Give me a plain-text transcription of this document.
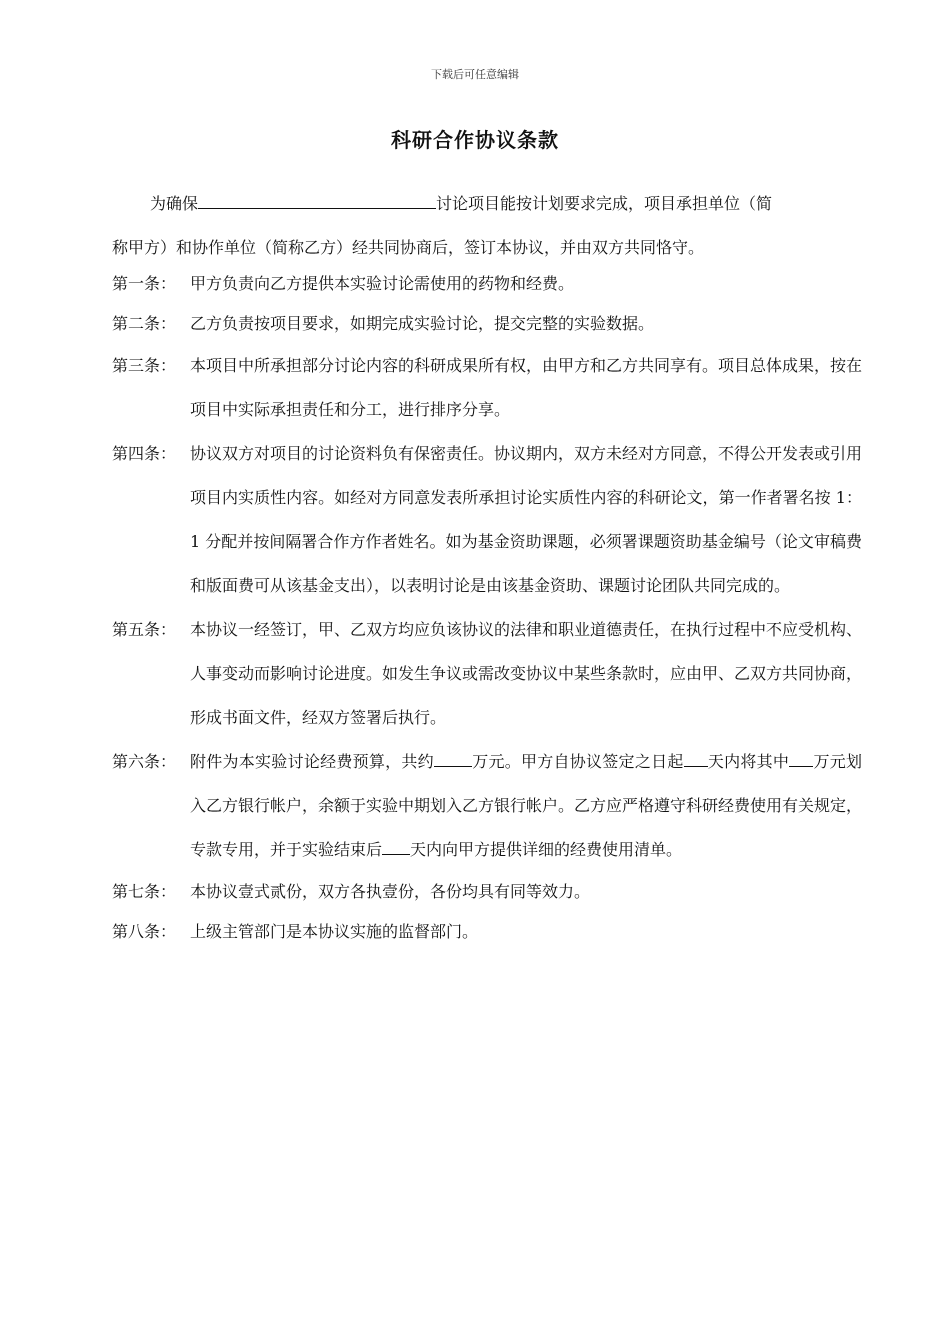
下载后可任意编辑
科研合作协议条款

为确保	讨论项目能按计划要求完成，项目承担单位（简
称甲方）和协作单位（简称乙方）经共同协商后，签订本协议，并由双方共同恪守。

第一条： 甲方负责向乙方提供本实验讨论需使用的药物和经费。
第二条： 乙方负责按项目要求，如期完成实验讨论，提交完整的实验数据。
第三条： 本项目中所承担部分讨论内容的科研成果所有权，由甲方和乙方共同享有。项目总体成果，按在项目中实际承担责任和分工，进行排序分享。
第四条： 协议双方对项目的讨论资料负有保密责任。协议期内，双方未经对方同意，不得公开发表或引用项目内实质性内容。如经对方同意发表所承担讨论实质性内容的科研论文，第一作者署名按 1：1 分配并按间隔署合作方作者姓名。如为基金资助课题，必须署课题资助基金编号（论文审稿费和版面费可从该基金支出），以表明讨论是由该基金资助、课题讨论团队共同完成的。
第五条： 本协议一经签订，甲、乙双方均应负该协议的法律和职业道德责任，在执行过程中不应受机构、人事变动而影响讨论进度。如发生争议或需改变协议中某些条款时，应由甲、乙双方共同协商，形成书面文件，经双方签署后执行。
第六条： 附件为本实验讨论经费预算，共约 万元。甲方自协议签定之日起 天内将其中 万元划入乙方银行帐户，余额于实验中期划入乙方银行帐户。乙方应严格遵守科研经费使用有关规定，专款专用，并于实验结束后 天内向甲方提供详细的经费使用清单。
第七条： 本协议壹式贰份，双方各执壹份，各份均具有同等效力。
第八条： 上级主管部门是本协议实施的监督部门。
